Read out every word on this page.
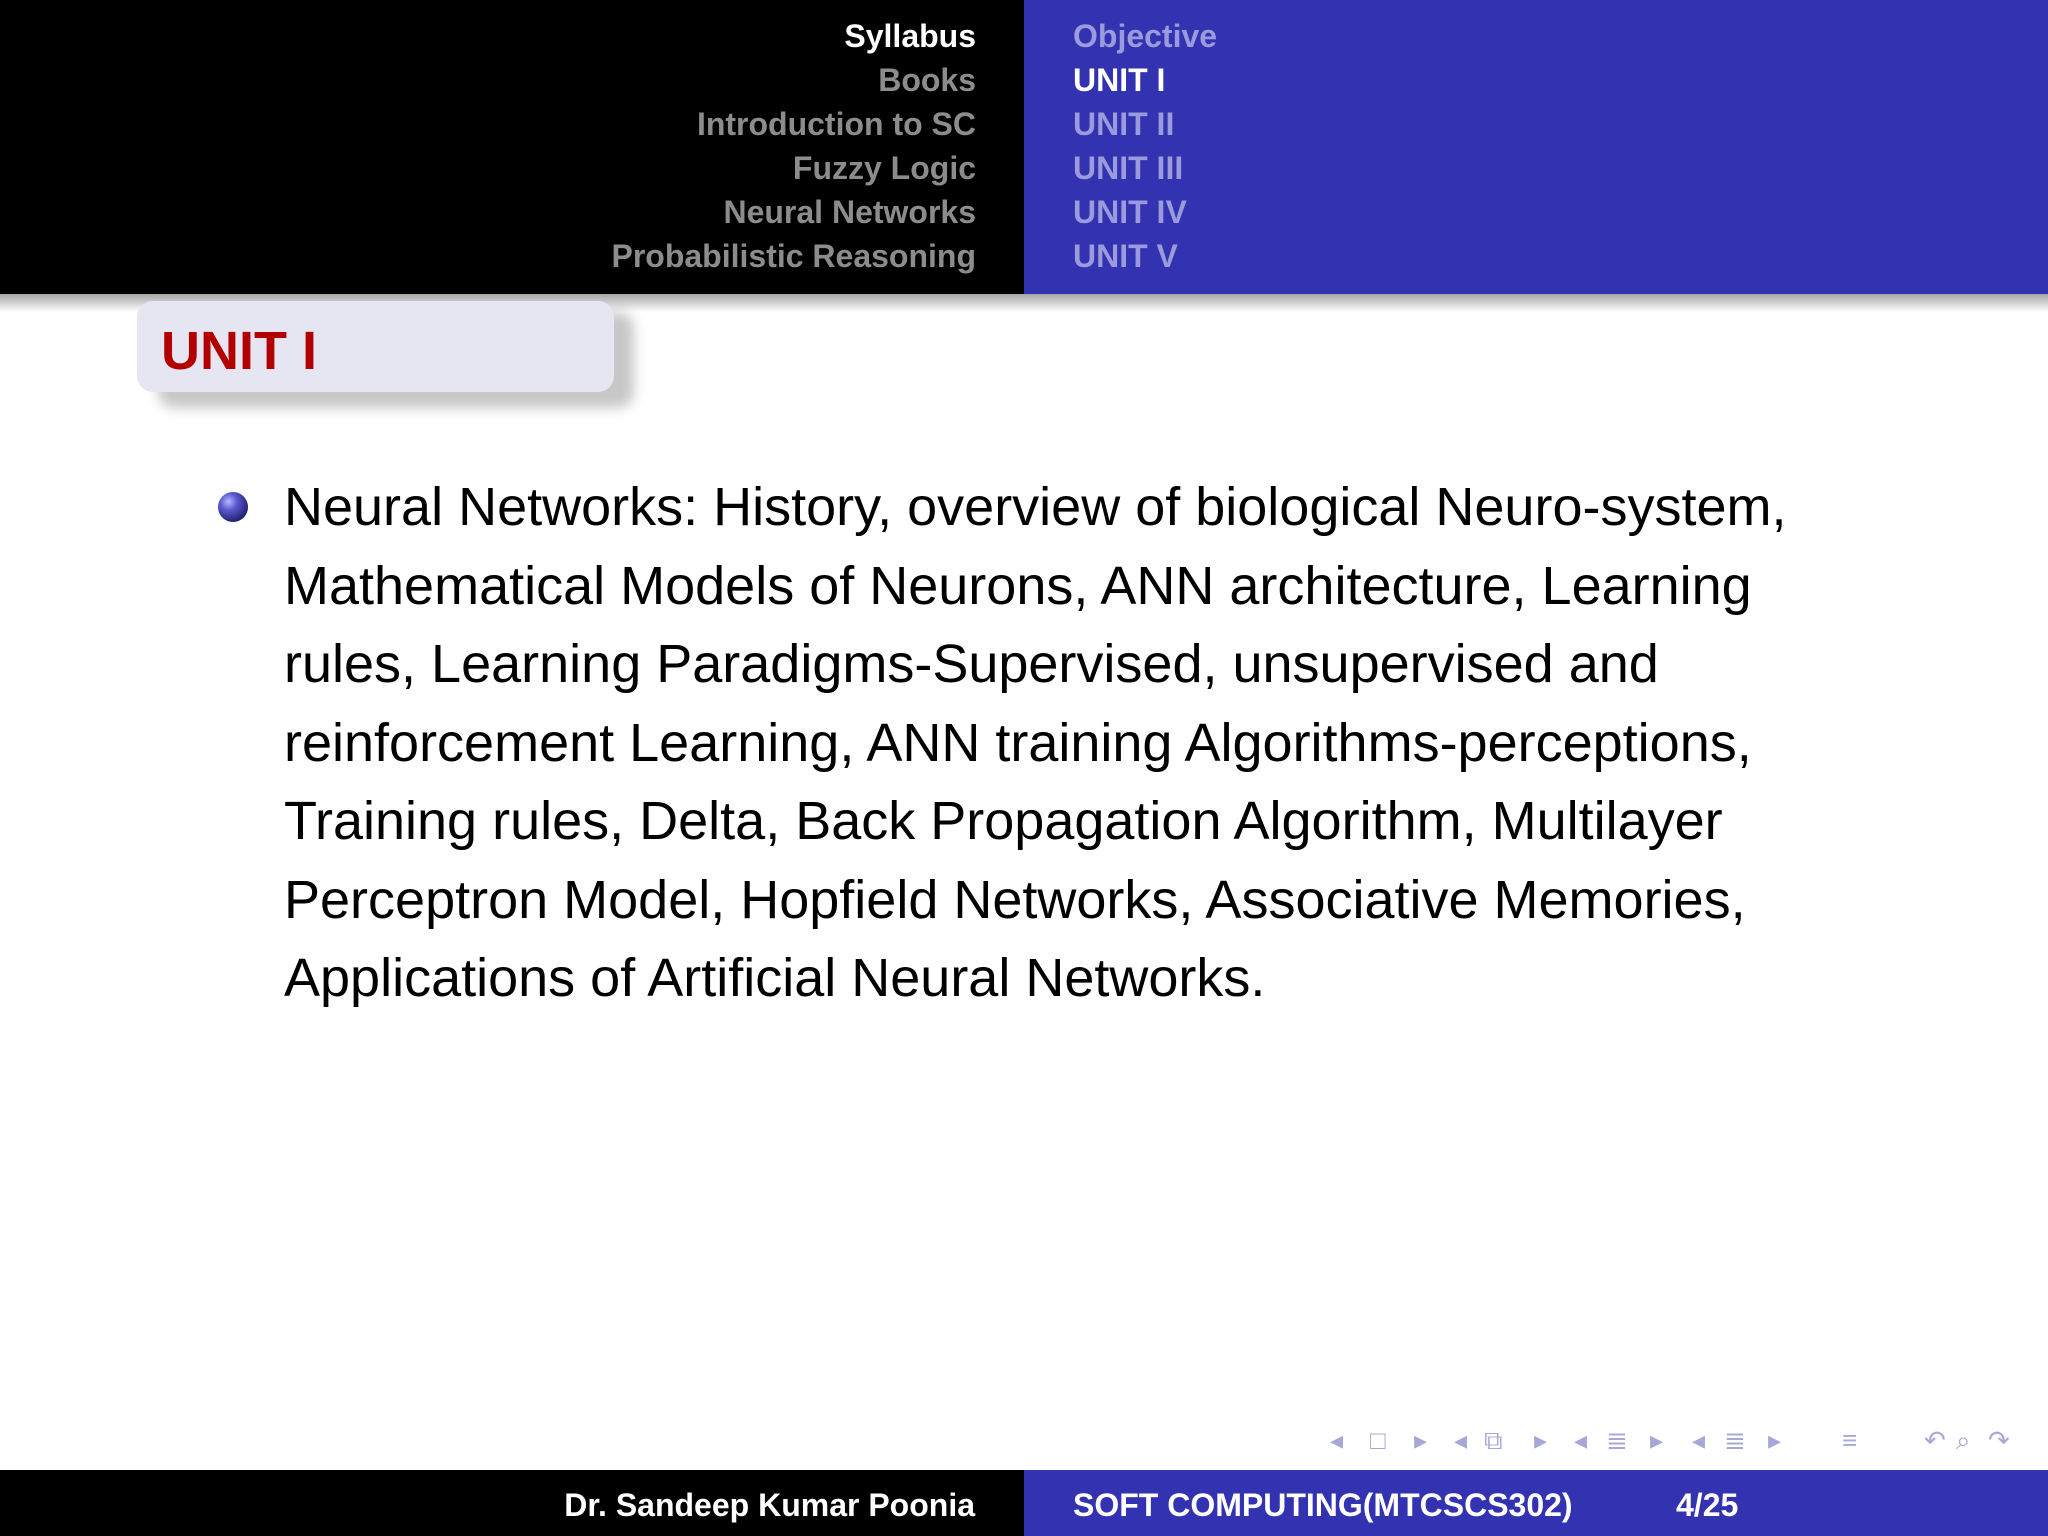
Syllabus
Books
Introduction to SC
Fuzzy Logic
Neural Networks
Probabilistic Reasoning
Objective
UNIT I
UNIT II
UNIT III
UNIT IV
UNIT V
UNIT I
Neural Networks: History, overview of biological Neuro-system, Mathematical Models of Neurons, ANN architecture, Learning rules, Learning Paradigms-Supervised, unsupervised and reinforcement Learning, ANN training Algorithms-perceptions, Training rules, Delta, Back Propagation Algorithm, Multilayer Perceptron Model, Hopfield Networks, Associative Memories, Applications of Artificial Neural Networks.
◂ □ ▸ ◂ ⧉ ▸ ◂ ≣ ▸ ◂ ≣ ▸ ≡	↶ ⌕ ↷
Dr. Sandeep Kumar Poonia	SOFT COMPUTING(MTCSCS302)	4/25
